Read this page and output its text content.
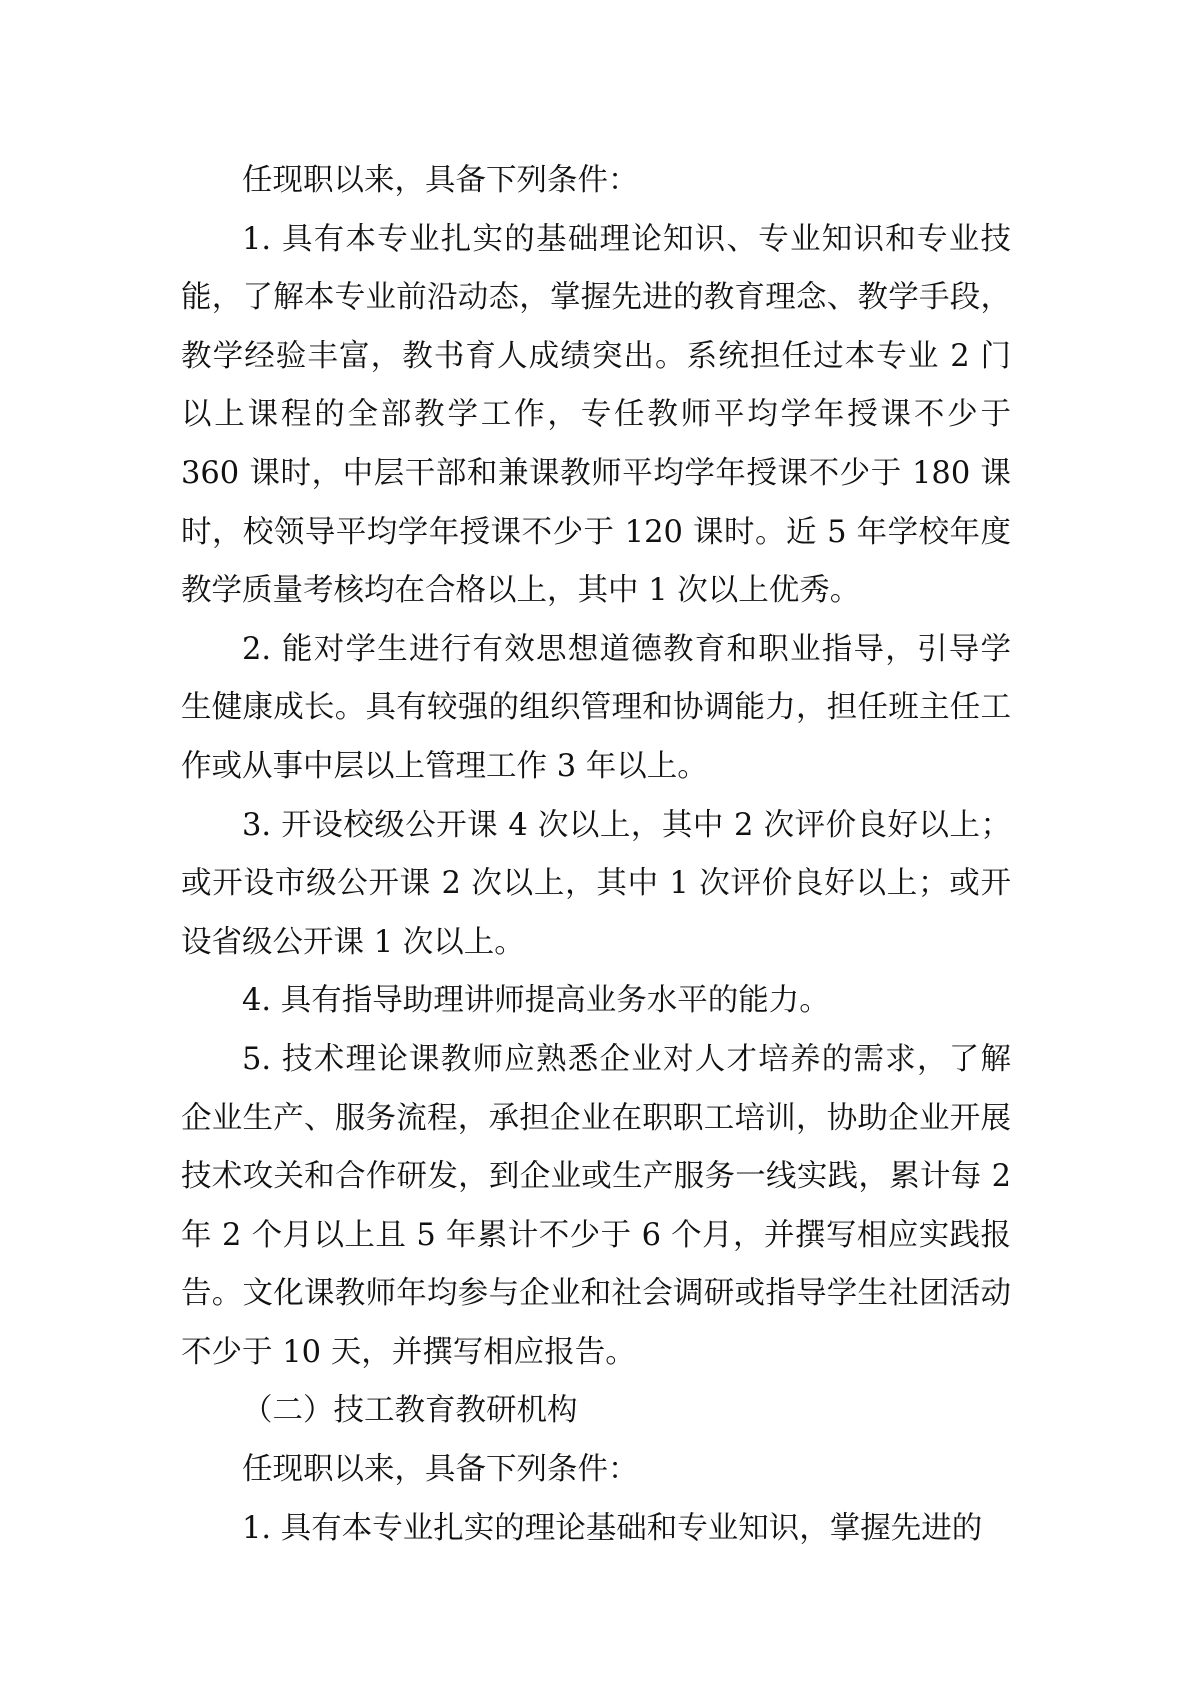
任现职以来，具备下列条件：

1. 具有本专业扎实的基础理论知识、专业知识和专业技能，了解本专业前沿动态，掌握先进的教育理念、教学手段，教学经验丰富，教书育人成绩突出。系统担任过本专业 2 门以上课程的全部教学工作，专任教师平均学年授课不少于 360 课时，中层干部和兼课教师平均学年授课不少于 180 课时，校领导平均学年授课不少于 120 课时。近 5 年学校年度教学质量考核均在合格以上，其中 1 次以上优秀。

2. 能对学生进行有效思想道德教育和职业指导，引导学生健康成长。具有较强的组织管理和协调能力，担任班主任工作或从事中层以上管理工作 3 年以上。

3. 开设校级公开课 4 次以上，其中 2 次评价良好以上；或开设市级公开课 2 次以上，其中 1 次评价良好以上；或开设省级公开课 1 次以上。

4. 具有指导助理讲师提高业务水平的能力。

5. 技术理论课教师应熟悉企业对人才培养的需求，了解企业生产、服务流程，承担企业在职职工培训，协助企业开展技术攻关和合作研发，到企业或生产服务一线实践，累计每 2 年 2 个月以上且 5 年累计不少于 6 个月，并撰写相应实践报告。文化课教师年均参与企业和社会调研或指导学生社团活动不少于 10 天，并撰写相应报告。

（二）技工教育教研机构

任现职以来，具备下列条件：

1. 具有本专业扎实的理论基础和专业知识，掌握先进的
